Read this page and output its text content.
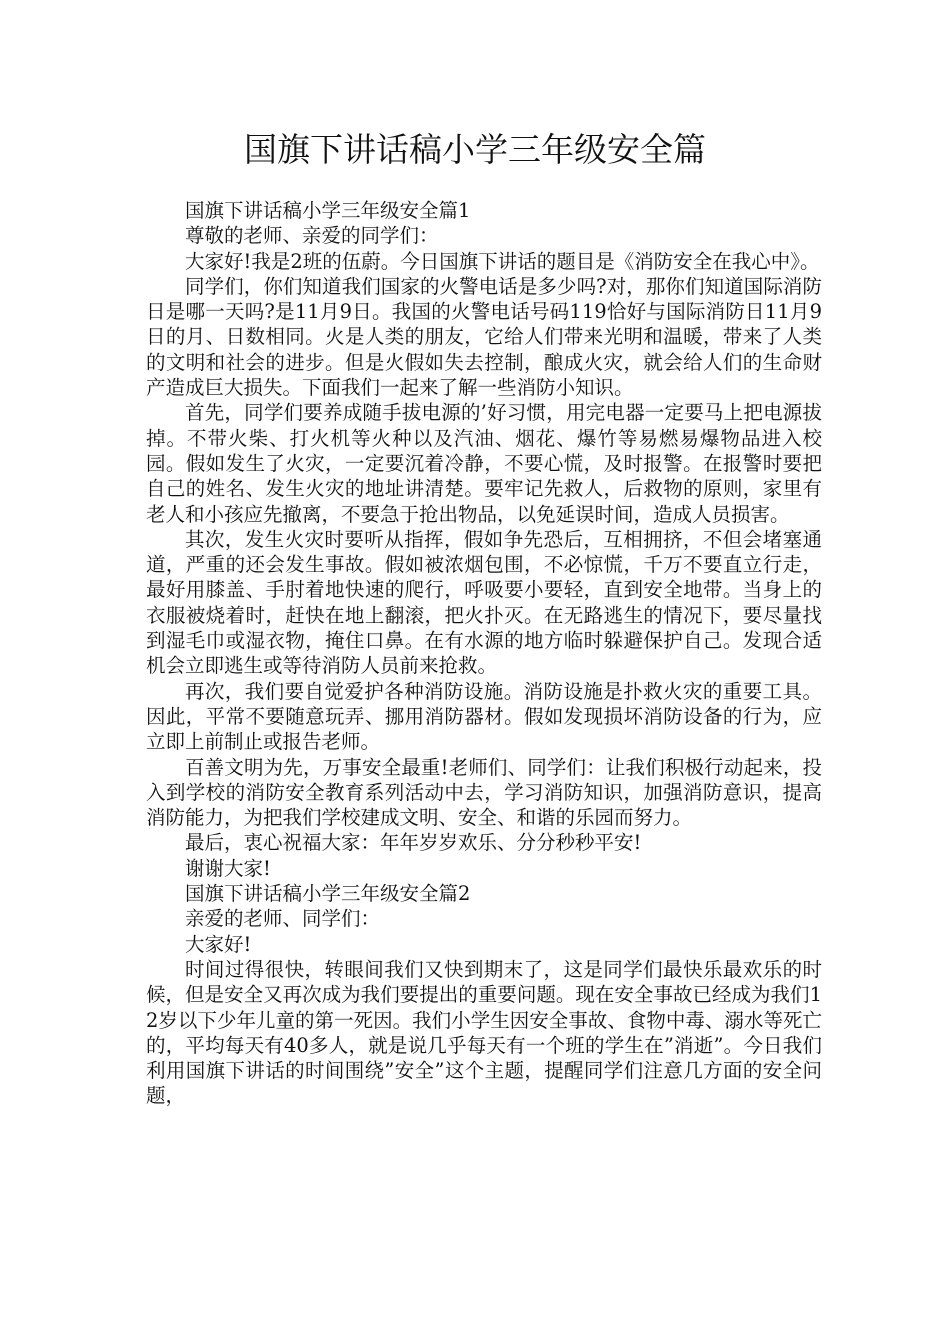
国旗下讲话稿小学三年级安全篇

国旗下讲话稿小学三年级安全篇1

尊敬的老师、亲爱的同学们：

大家好!我是2班的伍蔚。今日国旗下讲话的题目是《消防安全在我心中》。

同学们，你们知道我们国家的火警电话是多少吗?对，那你们知道国际消防日是哪一天吗?是11月9日。我国的火警电话号码119恰好与国际消防日11月9日的月、日数相同。火是人类的朋友，它给人们带来光明和温暖，带来了人类的文明和社会的进步。但是火假如失去控制，酿成火灾，就会给人们的生命财产造成巨大损失。下面我们一起来了解一些消防小知识。

首先，同学们要养成随手拔电源的’好习惯，用完电器一定要马上把电源拔掉。不带火柴、打火机等火种以及汽油、烟花、爆竹等易燃易爆物品进入校园。假如发生了火灾，一定要沉着冷静，不要心慌，及时报警。在报警时要把自己的姓名、发生火灾的地址讲清楚。要牢记先救人，后救物的原则，家里有老人和小孩应先撤离，不要急于抢出物品，以免延误时间，造成人员损害。

其次，发生火灾时要听从指挥，假如争先恐后，互相拥挤，不但会堵塞通道，严重的还会发生事故。假如被浓烟包围，不必惊慌，千万不要直立行走，最好用膝盖、手肘着地快速的爬行，呼吸要小要轻，直到安全地带。当身上的衣服被烧着时，赶快在地上翻滚，把火扑灭。在无路逃生的情况下，要尽量找到湿毛巾或湿衣物，掩住口鼻。在有水源的地方临时躲避保护自己。发现合适机会立即逃生或等待消防人员前来抢救。

再次，我们要自觉爱护各种消防设施。消防设施是扑救火灾的重要工具。因此，平常不要随意玩弄、挪用消防器材。假如发现损坏消防设备的行为，应立即上前制止或报告老师。

百善文明为先，万事安全最重!老师们、同学们：让我们积极行动起来，投入到学校的消防安全教育系列活动中去，学习消防知识，加强消防意识，提高消防能力，为把我们学校建成文明、安全、和谐的乐园而努力。

最后，衷心祝福大家：年年岁岁欢乐、分分秒秒平安!

谢谢大家!

国旗下讲话稿小学三年级安全篇2

亲爱的老师、同学们：

大家好!

时间过得很快，转眼间我们又快到期末了，这是同学们最快乐最欢乐的时候，但是安全又再次成为我们要提出的重要问题。现在安全事故已经成为我们12岁以下少年儿童的第一死因。我们小学生因安全事故、食物中毒、溺水等死亡的，平均每天有40多人，就是说几乎每天有一个班的学生在”消逝”。今日我们利用国旗下讲话的时间围绕”安全”这个主题，提醒同学们注意几方面的安全问题，
